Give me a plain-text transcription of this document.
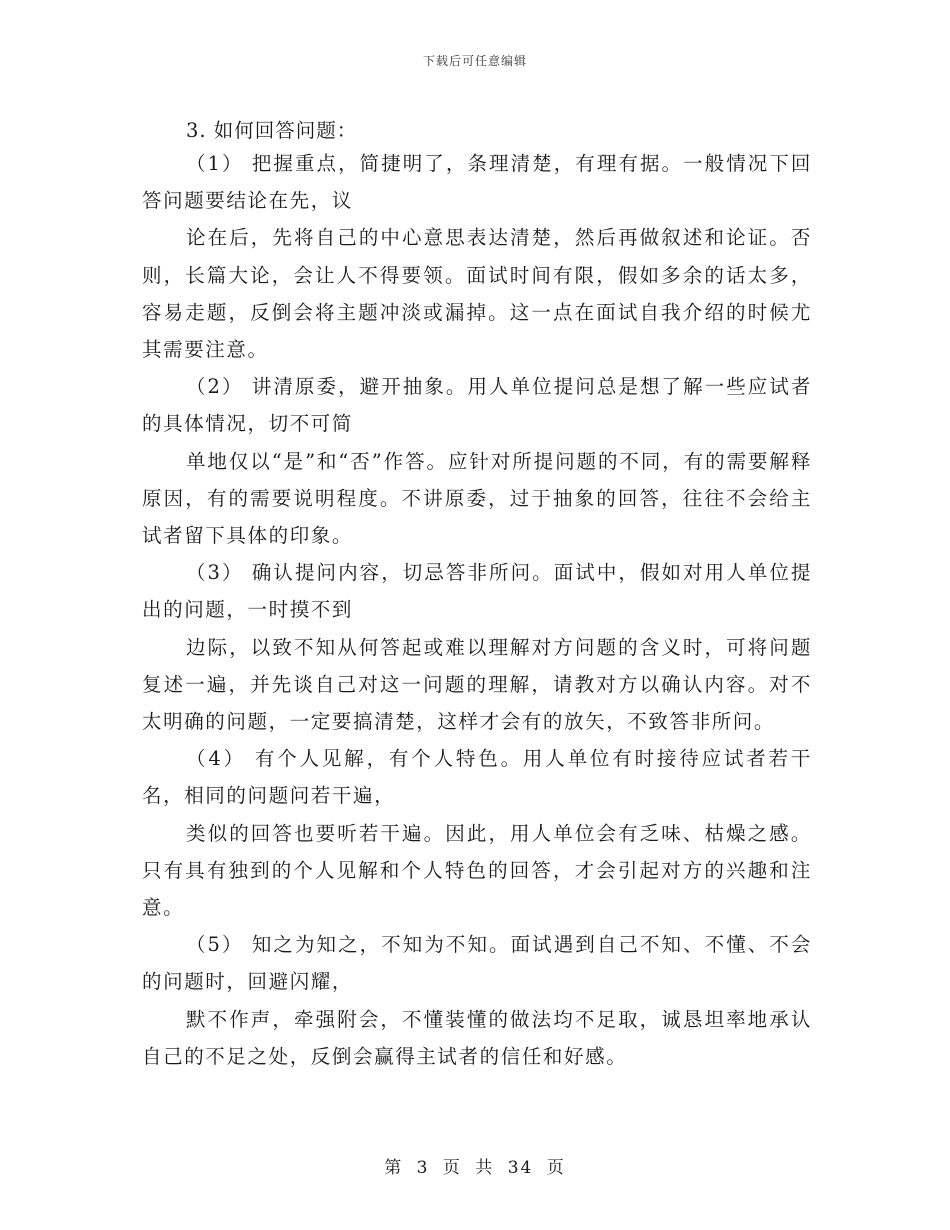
下载后可任意编辑
3. 如何回答问题：

（1） 把握重点，简捷明了，条理清楚，有理有据。一般情况下回答问题要结论在先，议

论在后，先将自己的中心意思表达清楚，然后再做叙述和论证。否则，长篇大论，会让人不得要领。面试时间有限，假如多余的话太多，容易走题，反倒会将主题冲淡或漏掉。这一点在面试自我介绍的时候尤其需要注意。

（2） 讲清原委，避开抽象。用人单位提问总是想了解一些应试者的具体情况，切不可简

单地仅以“是”和“否”作答。应针对所提问题的不同，有的需要解释原因，有的需要说明程度。不讲原委，过于抽象的回答，往往不会给主试者留下具体的印象。

（3） 确认提问内容，切忌答非所问。面试中，假如对用人单位提出的问题，一时摸不到

边际，以致不知从何答起或难以理解对方问题的含义时，可将问题复述一遍，并先谈自己对这一问题的理解，请教对方以确认内容。对不太明确的问题，一定要搞清楚，这样才会有的放矢，不致答非所问。

（4） 有个人见解，有个人特色。用人单位有时接待应试者若干名，相同的问题问若干遍，

类似的回答也要听若干遍。因此，用人单位会有乏味、枯燥之感。只有具有独到的个人见解和个人特色的回答，才会引起对方的兴趣和注意。

（5） 知之为知之，不知为不知。面试遇到自己不知、不懂、不会的问题时，回避闪耀，

默不作声，牵强附会，不懂装懂的做法均不足取，诚恳坦率地承认自己的不足之处，反倒会赢得主试者的信任和好感。

第 3 页 共 34 页
